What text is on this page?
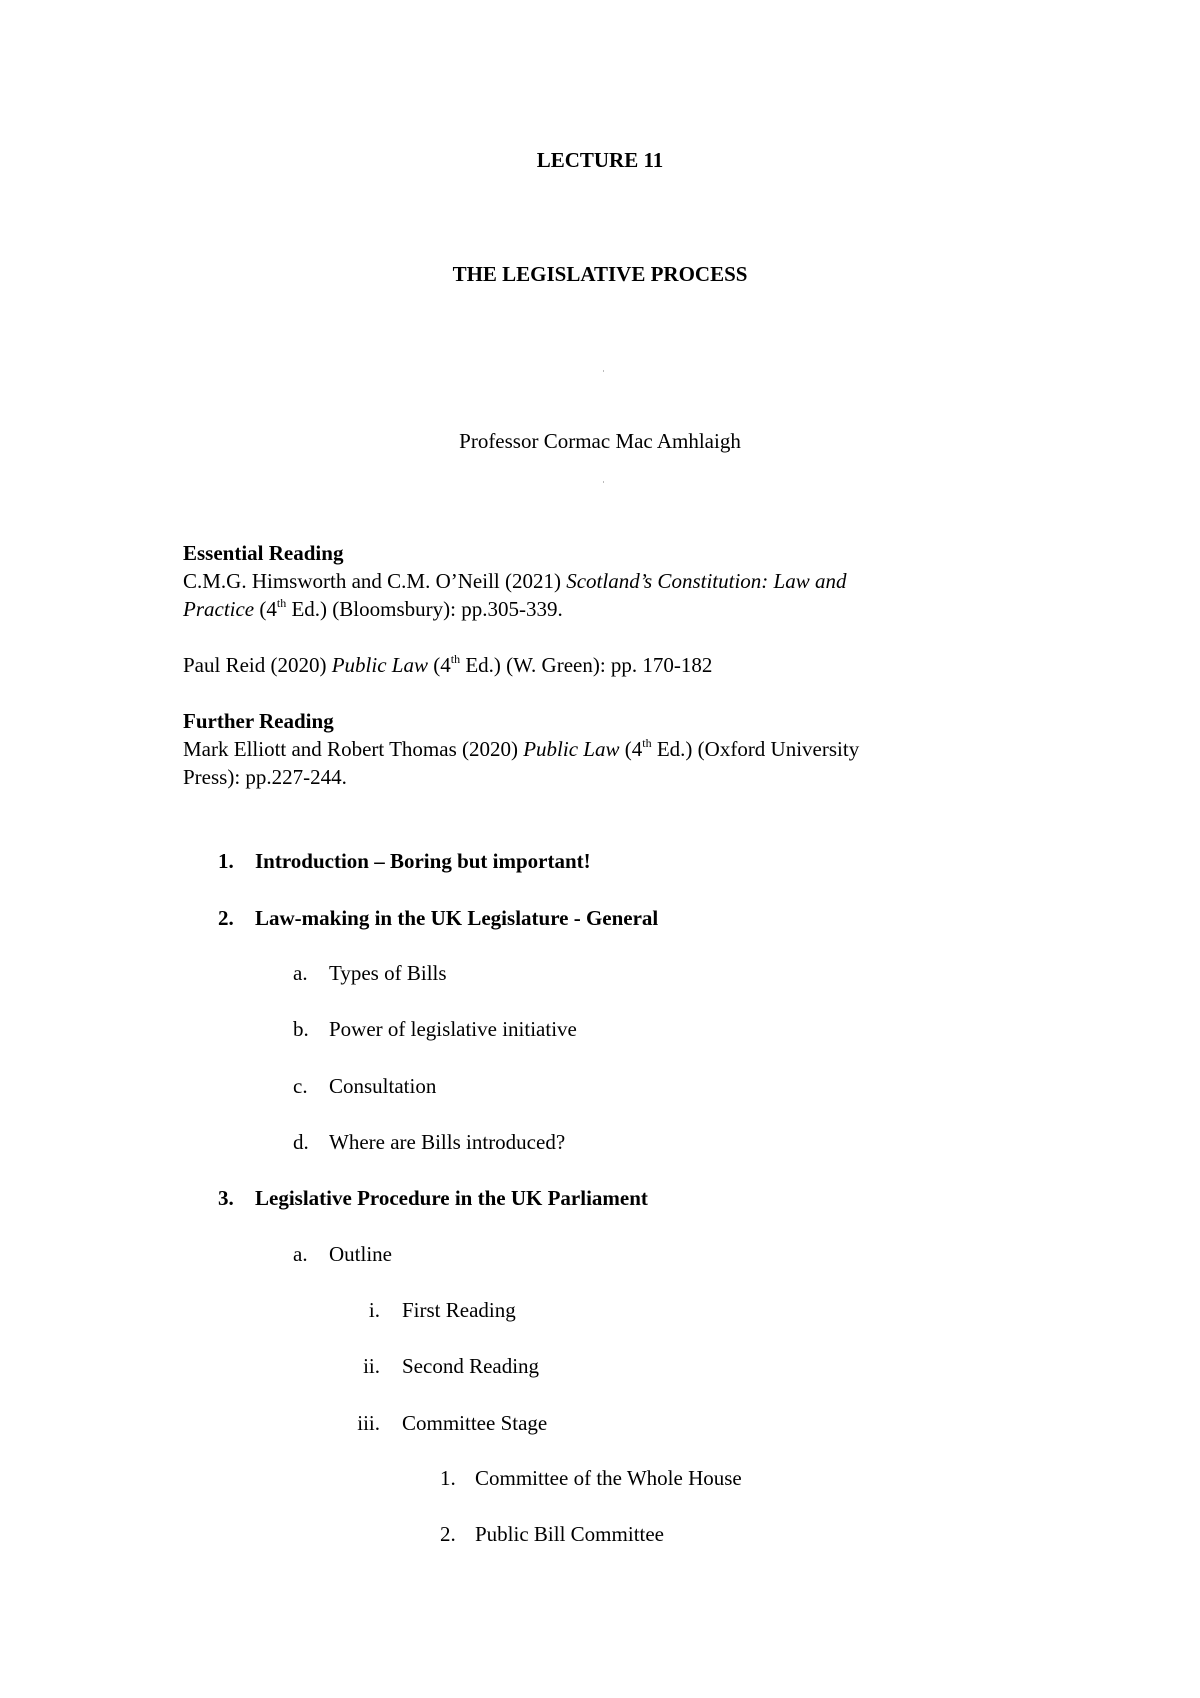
LECTURE 11
THE LEGISLATIVE PROCESS
Professor Cormac Mac Amhlaigh
Essential Reading
C.M.G. Himsworth and C.M. O’Neill (2021) Scotland’s Constitution: Law and
Practice (4th Ed.) (Bloomsbury): pp.305-339.
Paul Reid (2020) Public Law (4th Ed.) (W. Green): pp. 170-182
Further Reading
Mark Elliott and Robert Thomas (2020) Public Law (4th Ed.) (Oxford University
Press): pp.227-244.
1. Introduction – Boring but important!
2. Law-making in the UK Legislature - General
a. Types of Bills
b. Power of legislative initiative
c. Consultation
d. Where are Bills introduced?
3. Legislative Procedure in the UK Parliament
a. Outline
i. First Reading
ii. Second Reading
iii. Committee Stage
1. Committee of the Whole House
2. Public Bill Committee
